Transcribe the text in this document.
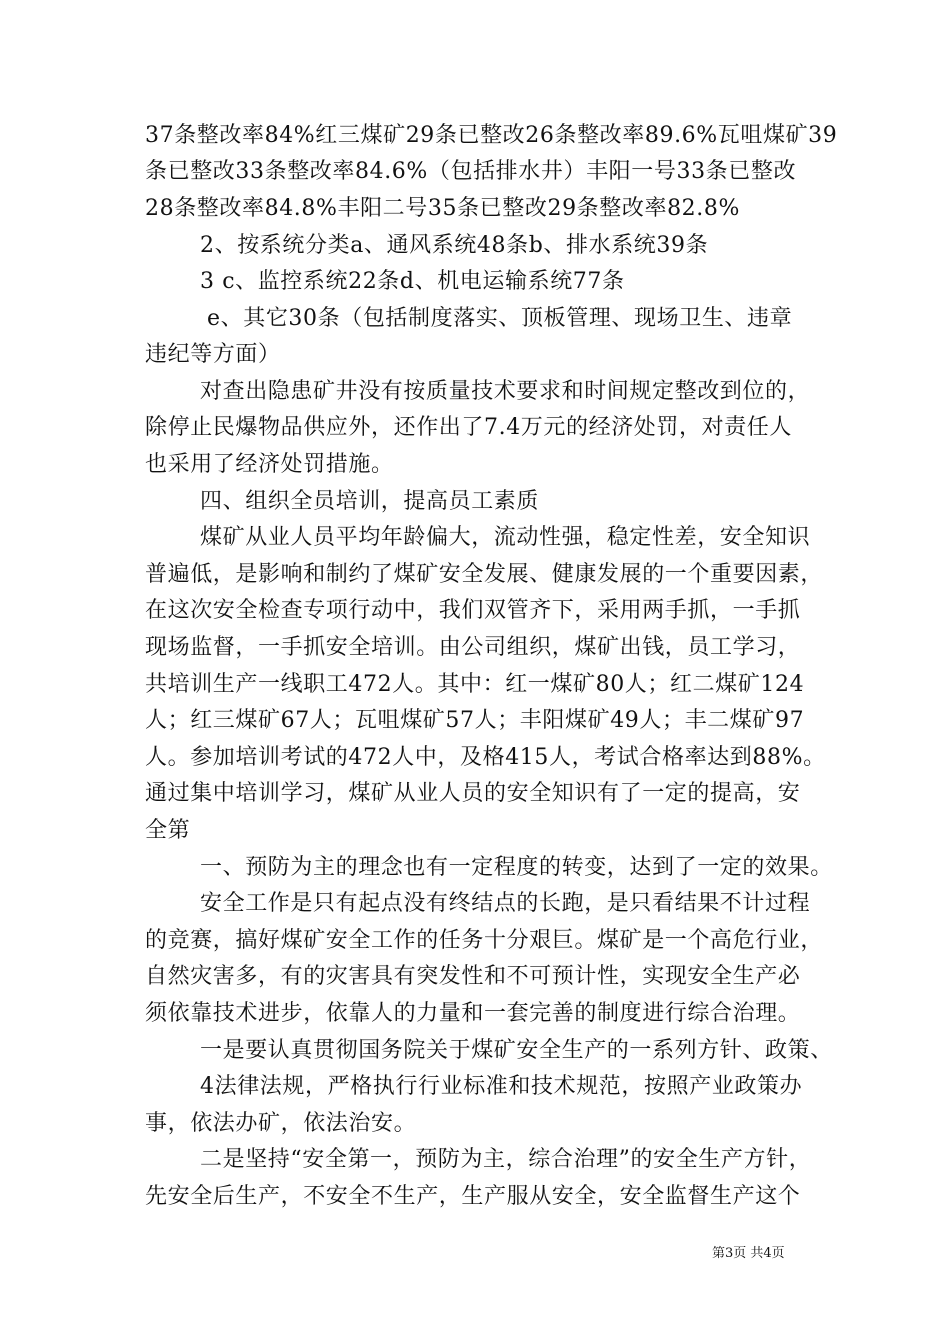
37条整改率84%红三煤矿29条已整改26条整改率89.6%瓦咀煤矿39
条已整改33条整改率84.6%（包括排水井）丰阳一号33条已整改
28条整改率84.8%丰阳二号35条已整改29条整改率82.8%
2、按系统分类a、通风系统48条b、排水系统39条
3 c、监控系统22条d、机电运输系统77条
e、其它30条（包括制度落实、顶板管理、现场卫生、违章
违纪等方面）
对查出隐患矿井没有按质量技术要求和时间规定整改到位的，
除停止民爆物品供应外，还作出了7.4万元的经济处罚，对责任人
也采用了经济处罚措施。
四、组织全员培训，提高员工素质
煤矿从业人员平均年龄偏大，流动性强，稳定性差，安全知识
普遍低，是影响和制约了煤矿安全发展、健康发展的一个重要因素，
在这次安全检查专项行动中，我们双管齐下，采用两手抓，一手抓
现场监督，一手抓安全培训。由公司组织，煤矿出钱，员工学习，
共培训生产一线职工472人。其中：红一煤矿80人；红二煤矿124
人；红三煤矿67人；瓦咀煤矿57人；丰阳煤矿49人；丰二煤矿97
人。参加培训考试的472人中，及格415人，考试合格率达到88%。
通过集中培训学习，煤矿从业人员的安全知识有了一定的提高，安
全第
一、预防为主的理念也有一定程度的转变，达到了一定的效果。
安全工作是只有起点没有终结点的长跑，是只看结果不计过程
的竞赛，搞好煤矿安全工作的任务十分艰巨。煤矿是一个高危行业，
自然灾害多，有的灾害具有突发性和不可预计性，实现安全生产必
须依靠技术进步，依靠人的力量和一套完善的制度进行综合治理。
一是要认真贯彻国务院关于煤矿安全生产的一系列方针、政策、
4法律法规，严格执行行业标准和技术规范，按照产业政策办
事，依法办矿，依法治安。
二是坚持“安全第一，预防为主，综合治理”的安全生产方针，
先安全后生产，不安全不生产，生产服从安全，安全监督生产这个
第3页 共4页
